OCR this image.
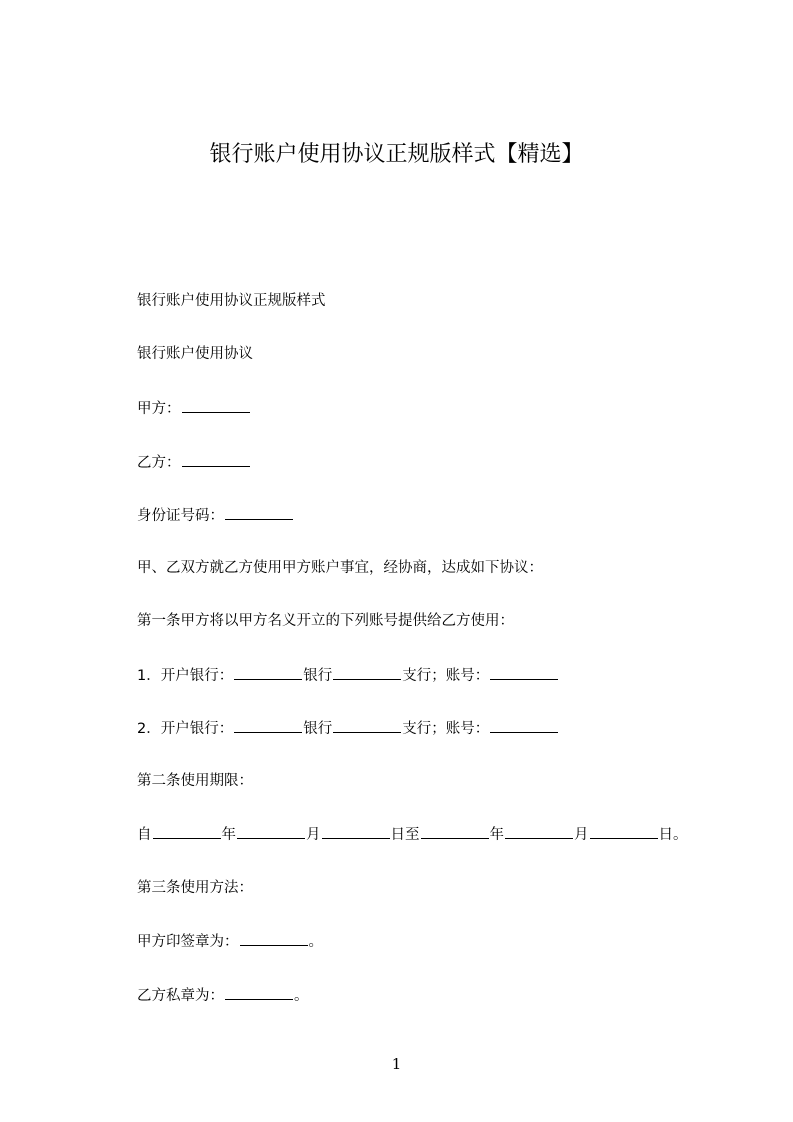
银行账户使用协议正规版样式【精选】
银行账户使用协议正规版样式
银行账户使用协议
甲方：
乙方：
身份证号码：
甲、乙双方就乙方使用甲方账户事宜，经协商，达成如下协议：
第一条甲方将以甲方名义开立的下列账号提供给乙方使用：
1．开户银行：	银行	支行；账号：
2．开户银行：	银行	支行；账号：
第二条使用期限：
自	年	月	日至	年	月	日。
第三条使用方法：
甲方印签章为：	。
乙方私章为：	。
1
